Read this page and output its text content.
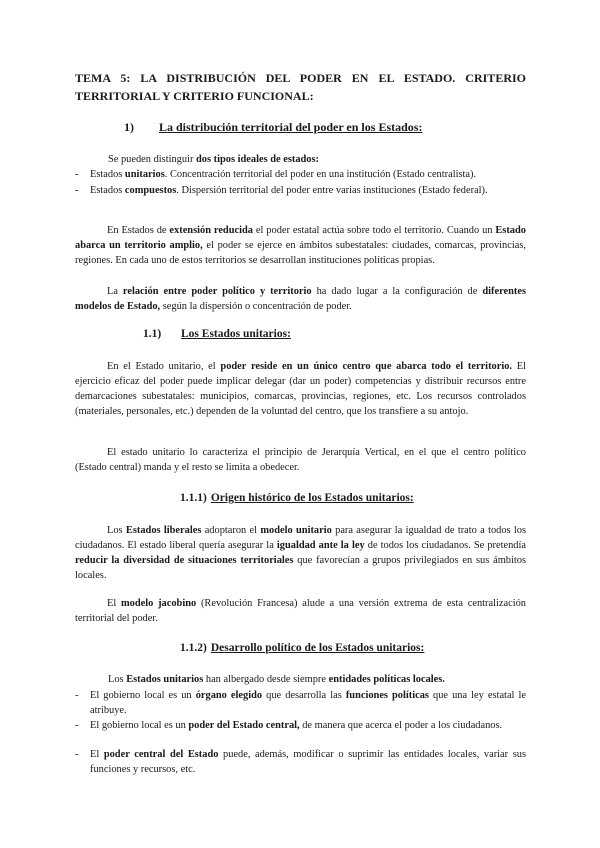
TEMA 5: LA DISTRIBUCIÓN DEL PODER EN EL ESTADO. CRITERIO TERRITORIAL Y CRITERIO FUNCIONAL:
1) La distribución territorial del poder en los Estados:
Se pueden distinguir dos tipos ideales de estados:
- Estados unitarios. Concentración territorial del poder en una institución (Estado centralista).
- Estados compuestos. Dispersión territorial del poder entre varias instituciones (Estado federal).
En Estados de extensión reducida el poder estatal actúa sobre todo el territorio. Cuando un Estado abarca un territorio amplio, el poder se ejerce en ámbitos subestatales: ciudades, comarcas, provincias, regiones. En cada uno de estos territorios se desarrollan instituciones políticas propias.
La relación entre poder político y territorio ha dado lugar a la configuración de diferentes modelos de Estado, según la dispersión o concentración de poder.
1.1) Los Estados unitarios:
En el Estado unitario, el poder reside en un único centro que abarca todo el territorio. El ejercicio eficaz del poder puede implicar delegar (dar un poder) competencias y distribuir recursos entre demarcaciones subestatales: municipios, comarcas, provincias, regiones, etc. Los recursos controlados (materiales, personales, etc.) dependen de la voluntad del centro, que los transfiere a su antojo.
El estado unitario lo caracteriza el principio de Jerarquía Vertical, en el que el centro político (Estado central) manda y el resto se limita a obedecer.
1.1.1) Origen histórico de los Estados unitarios:
Los Estados liberales adoptaron el modelo unitario para asegurar la igualdad de trato a todos los ciudadanos. El estado liberal quería asegurar la igualdad ante la ley de todos los ciudadanos. Se pretendía reducir la diversidad de situaciones territoriales que favorecían a grupos privilegiados en sus ámbitos locales.
El modelo jacobino (Revolución Francesa) alude a una versión extrema de esta centralización territorial del poder.
1.1.2) Desarrollo político de los Estados unitarios:
Los Estados unitarios han albergado desde siempre entidades políticas locales.
- El gobierno local es un órgano elegido que desarrolla las funciones políticas que una ley estatal le atribuye.
- El gobierno local es un poder del Estado central, de manera que acerca el poder a los ciudadanos.
- El poder central del Estado puede, además, modificar o suprimir las entidades locales, variar sus funciones y recursos, etc.
